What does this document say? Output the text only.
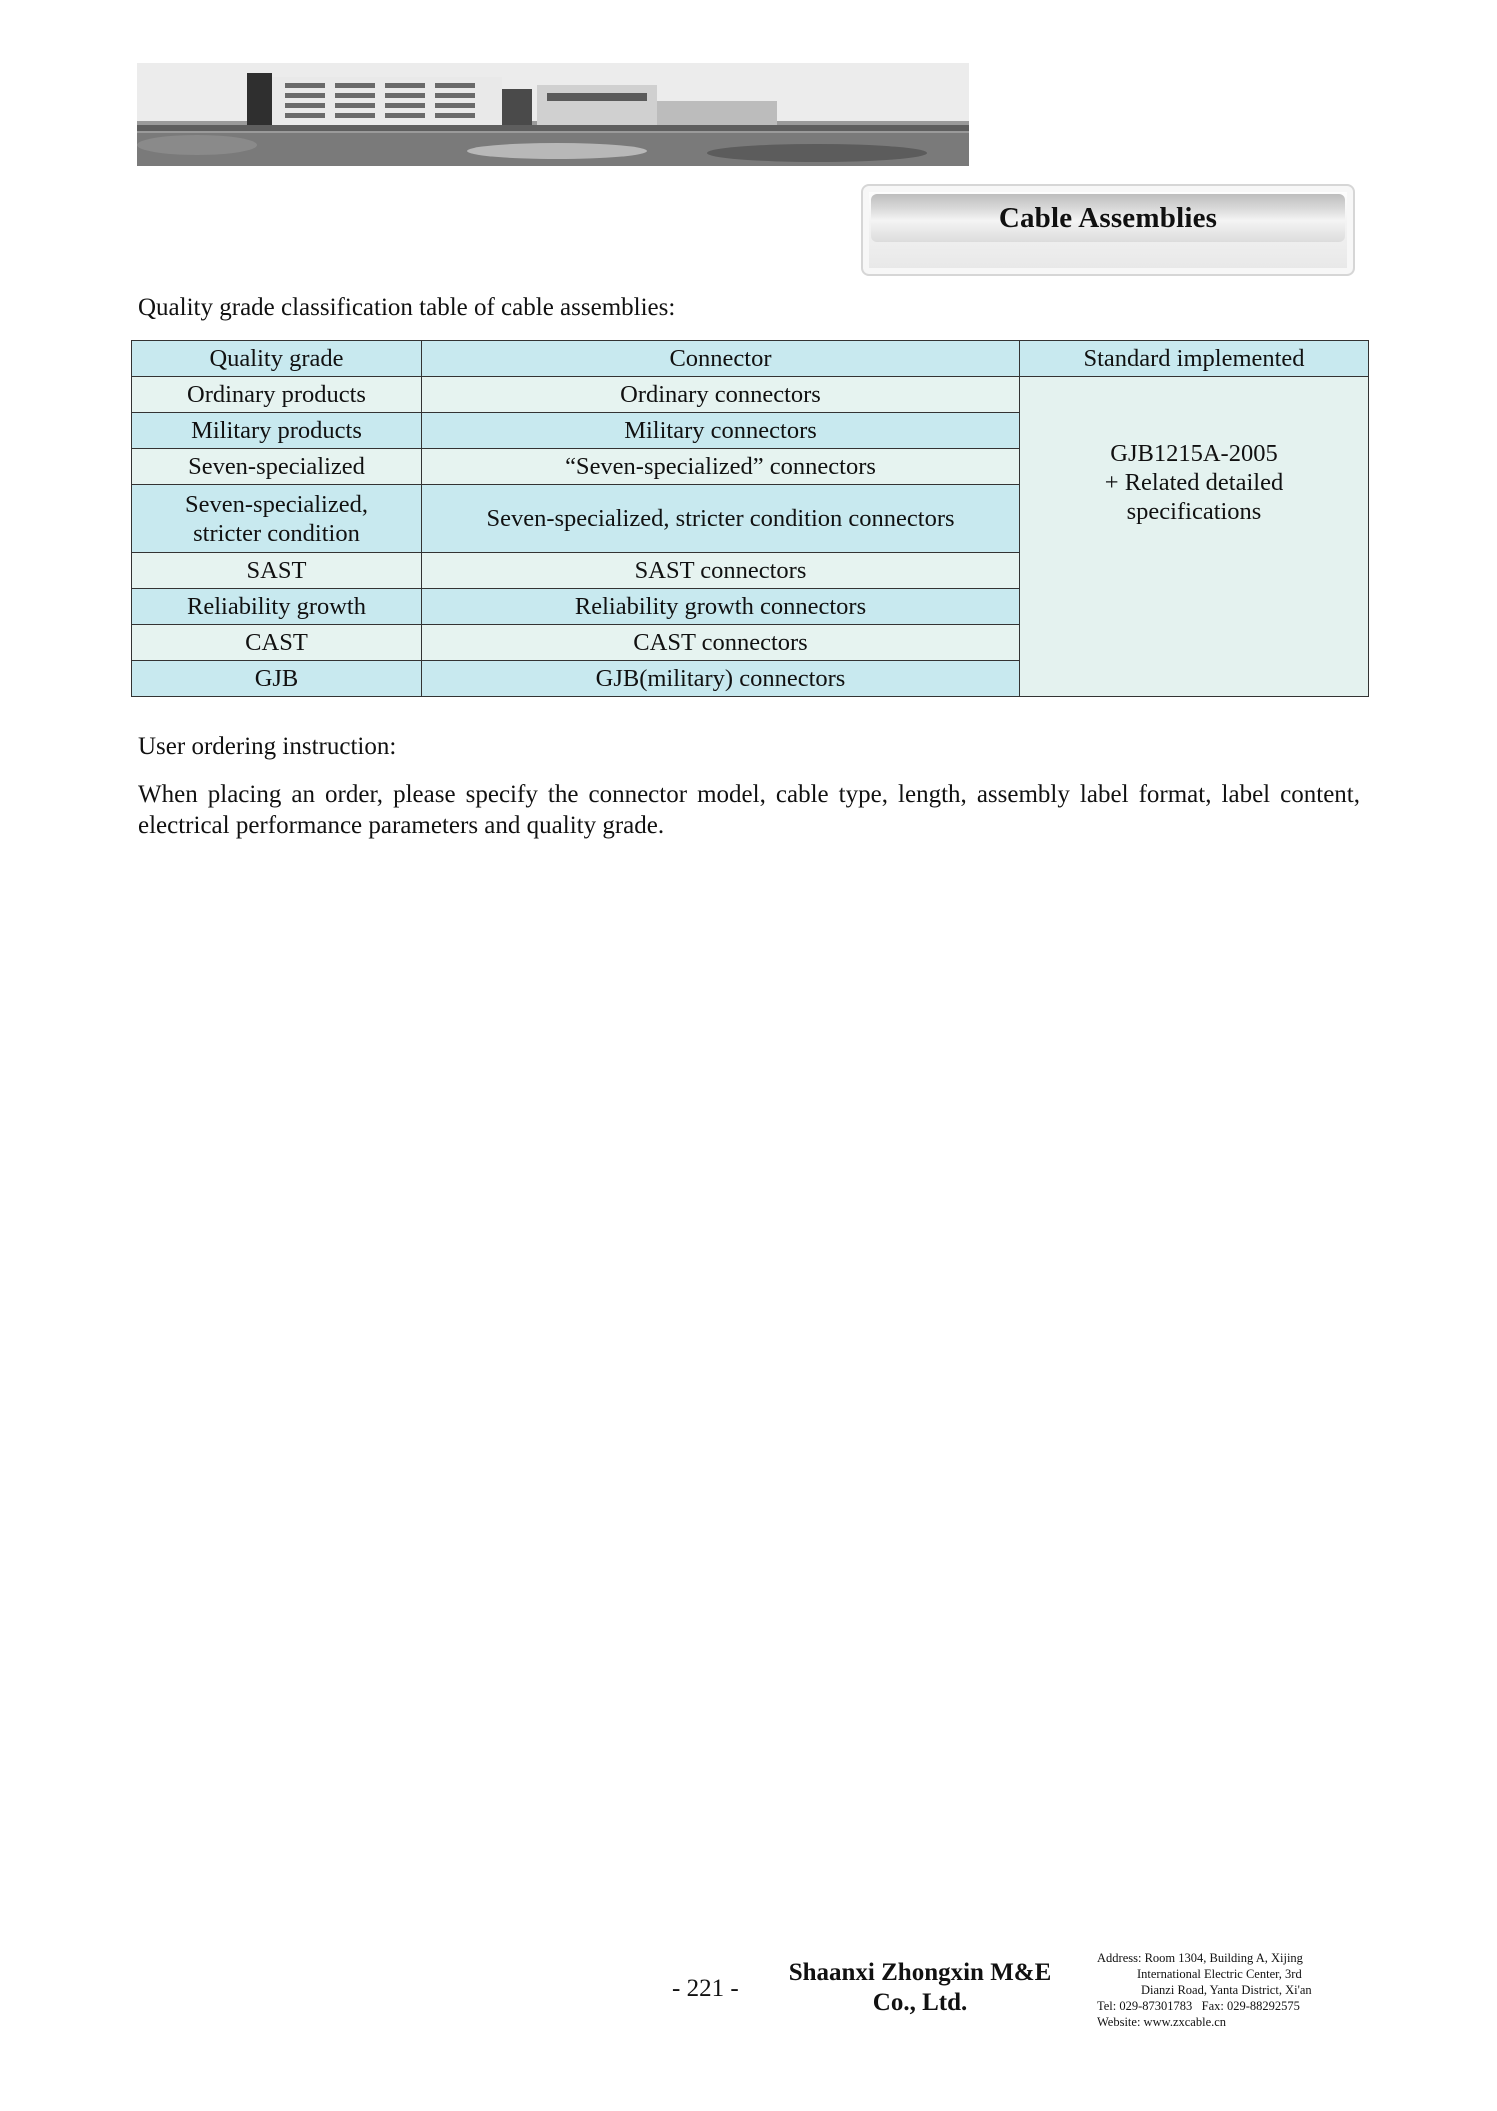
Cable Assemblies
Quality grade classification table of cable assemblies:
Quality grade	Connector	Standard implemented
Ordinary products	Ordinary connectors	GJB1215A-2005
+ Related detailed
specifications

Military products	Military connectors	
Seven-specialized	“Seven-specialized” connectors	

Seven-specialized,
stricter condition	Seven-specialized, stricter condition connectors	
SAST	SAST connectors	
Reliability growth	Reliability growth connectors	
CAST	CAST connectors	
GJB	GJB(military) connectors	
User ordering instruction:
When placing an order, please specify the connector model, cable type, length, assembly label format, label content, electrical performance parameters and quality grade.
- 221 -
Shaanxi Zhongxin M&E
Co., Ltd.
Address: Room 1304, Building A, Xijing
International Electric Center, 3rd
Dianzi Road, Yanta District, Xi'an
Tel: 029-87301783 Fax: 029-88292575
Website: www.zxcable.cn
